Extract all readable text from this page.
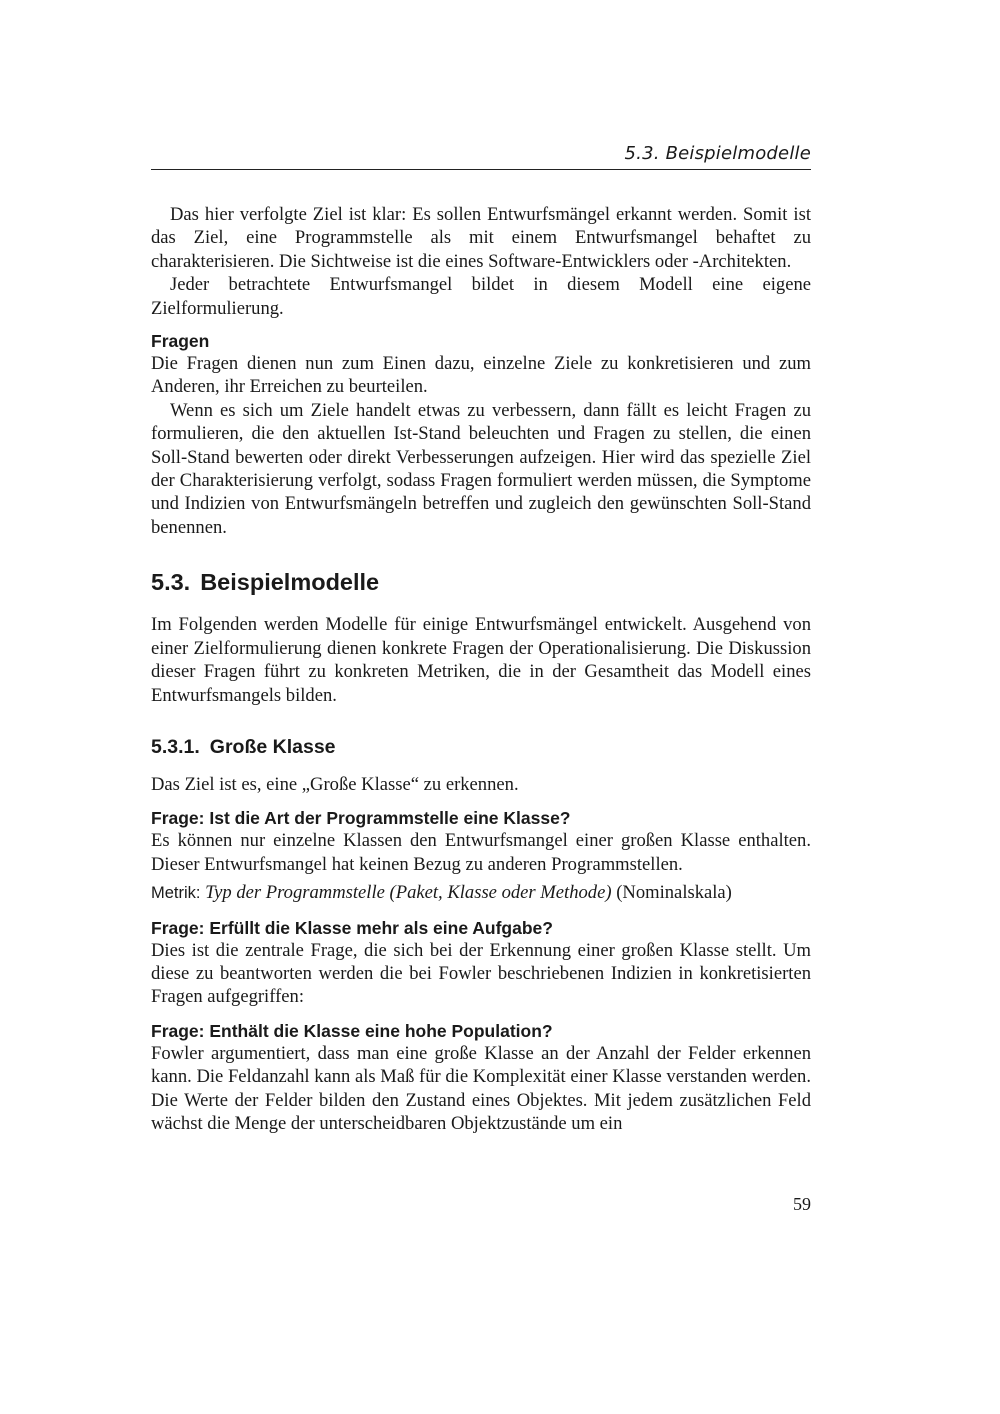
5.3. Beispielmodelle

Das hier verfolgte Ziel ist klar: Es sollen Entwurfsmängel erkannt werden. Somit ist das Ziel, eine Programmstelle als mit einem Entwurfsmangel behaftet zu charakterisieren. Die Sichtweise ist die eines Software-Entwicklers oder -Architekten.

Jeder betrachtete Entwurfsmangel bildet in diesem Modell eine eigene Zielformulierung.

Fragen

Die Fragen dienen nun zum Einen dazu, einzelne Ziele zu konkretisieren und zum Anderen, ihr Erreichen zu beurteilen.

Wenn es sich um Ziele handelt etwas zu verbessern, dann fällt es leicht Fragen zu formulieren, die den aktuellen Ist-Stand beleuchten und Fragen zu stellen, die einen Soll-Stand bewerten oder direkt Verbesserungen aufzeigen. Hier wird das spezielle Ziel der Charakterisierung verfolgt, sodass Fragen formuliert werden müssen, die Symptome und Indizien von Entwurfsmängeln betreffen und zugleich den gewünschten Soll-Stand benennen.

5.3. Beispielmodelle

Im Folgenden werden Modelle für einige Entwurfsmängel entwickelt. Ausgehend von einer Zielformulierung dienen konkrete Fragen der Operationalisierung. Die Diskussion dieser Fragen führt zu konkreten Metriken, die in der Gesamtheit das Modell eines Entwurfsmangels bilden.

5.3.1. Große Klasse

Das Ziel ist es, eine „Große Klasse“ zu erkennen.

Frage: Ist die Art der Programmstelle eine Klasse?

Es können nur einzelne Klassen den Entwurfsmangel einer großen Klasse enthalten. Dieser Entwurfsmangel hat keinen Bezug zu anderen Programmstellen.

Metrik: Typ der Programmstelle (Paket, Klasse oder Methode) (Nominalskala)

Frage: Erfüllt die Klasse mehr als eine Aufgabe?

Dies ist die zentrale Frage, die sich bei der Erkennung einer großen Klasse stellt. Um diese zu beantworten werden die bei Fowler beschriebenen Indizien in konkretisierten Fragen aufgegriffen:

Frage: Enthält die Klasse eine hohe Population?

Fowler argumentiert, dass man eine große Klasse an der Anzahl der Felder erkennen kann. Die Feldanzahl kann als Maß für die Komplexität einer Klasse verstanden werden. Die Werte der Felder bilden den Zustand eines Objektes. Mit jedem zusätzlichen Feld wächst die Menge der unterscheidbaren Objektzustände um ein

59
